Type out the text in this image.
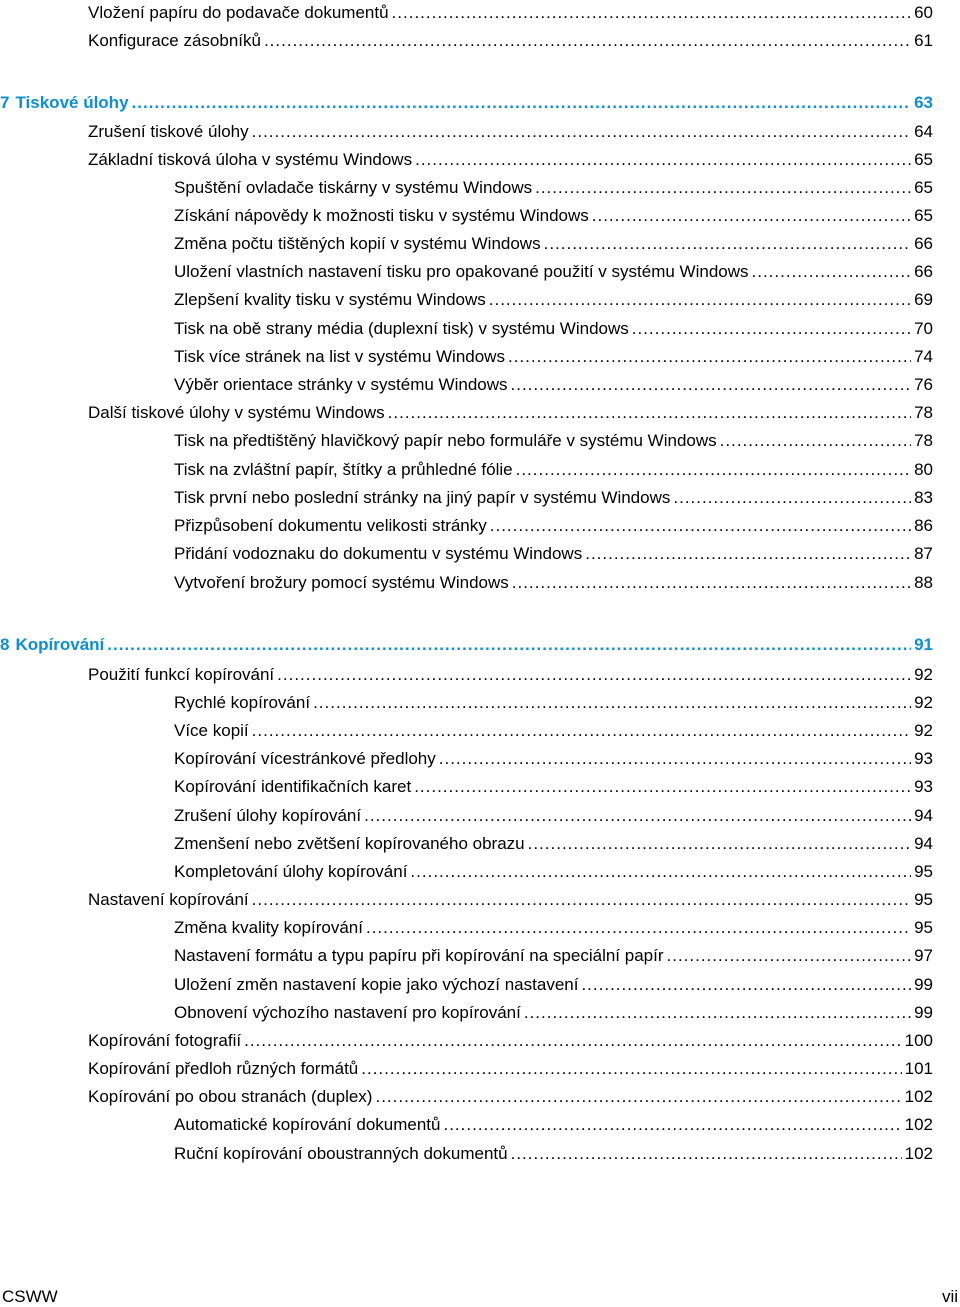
Vložení papíru do podavače dokumentů .....	60
Konfigurace zásobníků .....	61
7 Tiskové úlohy .....	63
Zrušení tiskové úlohy .....	64
Základní tisková úloha v systému Windows .....	65
Spuštění ovladače tiskárny v systému Windows .....	65
Získání nápovědy k možnosti tisku v systému Windows .....	65
Změna počtu tištěných kopií v systému Windows .....	66
Uložení vlastních nastavení tisku pro opakované použití v systému Windows .....	66
Zlepšení kvality tisku v systému Windows .....	69
Tisk na obě strany média (duplexní tisk) v systému Windows .....	70
Tisk více stránek na list v systému Windows .....	74
Výběr orientace stránky v systému Windows .....	76
Další tiskové úlohy v systému Windows .....	78
Tisk na předtištěný hlavičkový papír nebo formuláře v systému Windows .....	78
Tisk na zvláštní papír, štítky a průhledné fólie .....	80
Tisk první nebo poslední stránky na jiný papír v systému Windows .....	83
Přizpůsobení dokumentu velikosti stránky .....	86
Přidání vodoznaku do dokumentu v systému Windows .....	87
Vytvoření brožury pomocí systému Windows .....	88
8 Kopírování .....	91
Použití funkcí kopírování .....	92
Rychlé kopírování .....	92
Více kopií .....	92
Kopírování vícestránkové předlohy .....	93
Kopírování identifikačních karet .....	93
Zrušení úlohy kopírování .....	94
Zmenšení nebo zvětšení kopírovaného obrazu .....	94
Kompletování úlohy kopírování .....	95
Nastavení kopírování .....	95
Změna kvality kopírování .....	95
Nastavení formátu a typu papíru při kopírování na speciální papír .....	97
Uložení změn nastavení kopie jako výchozí nastavení .....	99
Obnovení výchozího nastavení pro kopírování .....	99
Kopírování fotografií .....	100
Kopírování předloh různých formátů .....	101
Kopírování po obou stranách (duplex) .....	102
Automatické kopírování dokumentů .....	102
Ruční kopírování oboustranných dokumentů .....	102
CSWW	vii
